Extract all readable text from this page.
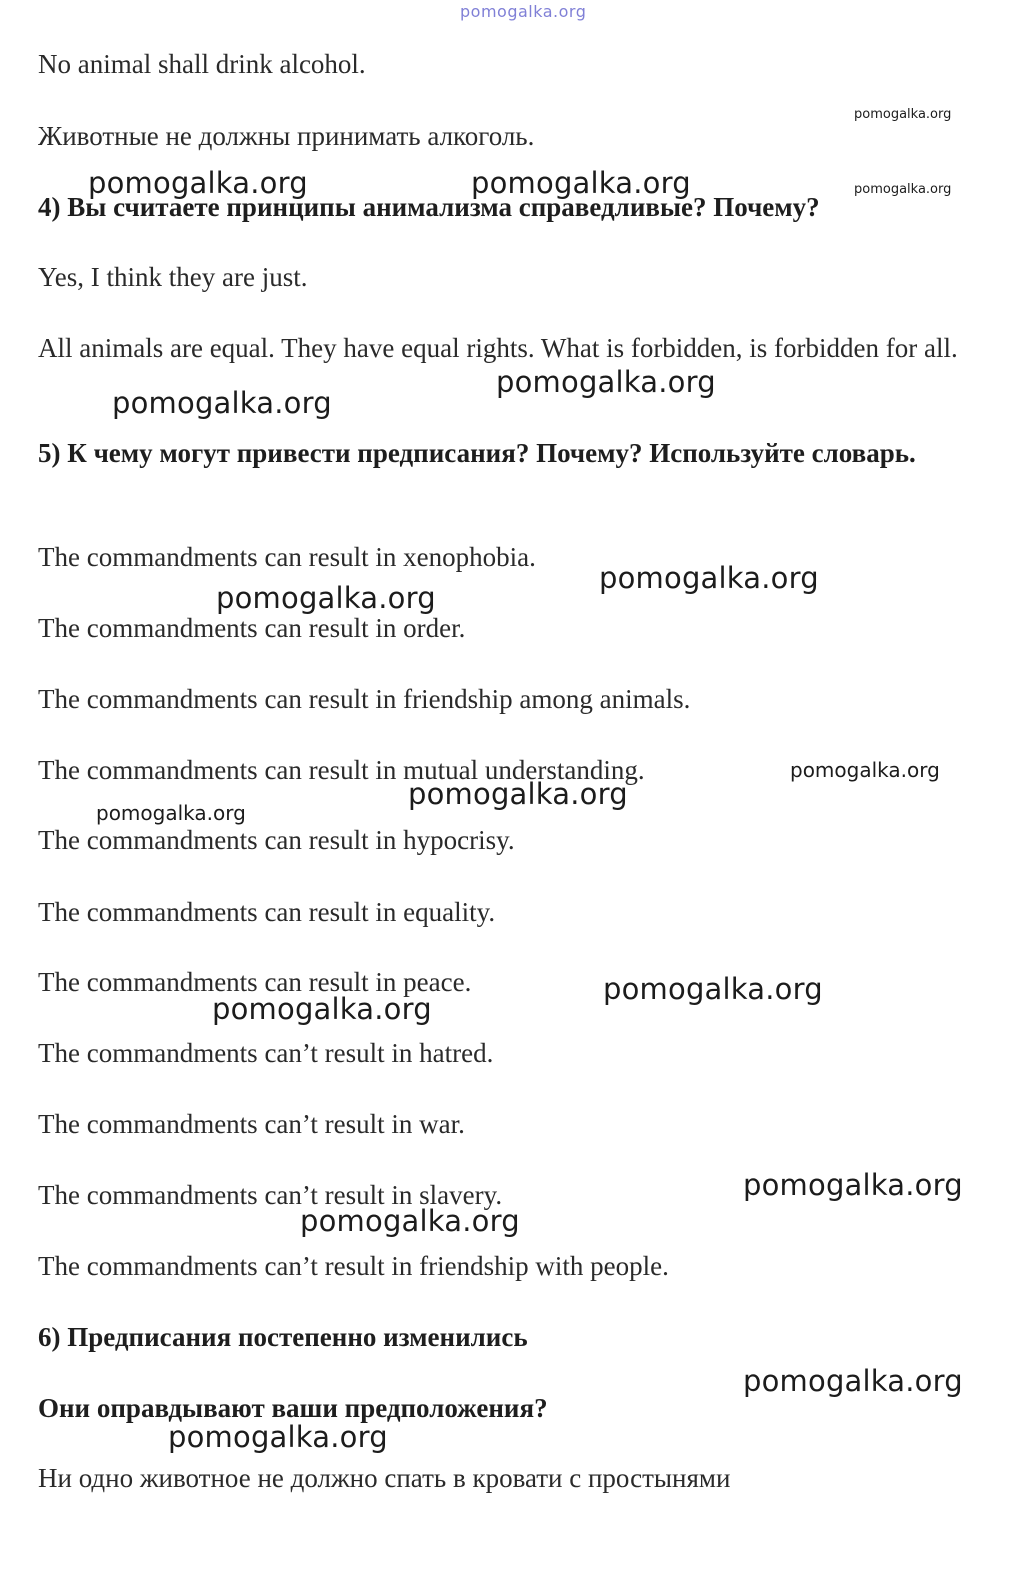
No animal shall drink alcohol.

Животные не должны принимать алкоголь.

4) Вы считаете принципы анимализма справедливые? Почему?

Yes, I think they are just.

All animals are equal. They have equal rights. What is forbidden, is forbidden for all.

5) К чему могут привести предписания? Почему? Используйте словарь.

The commandments can result in xenophobia.

The commandments can result in order.

The commandments can result in friendship among animals.

The commandments can result in mutual understanding.

The commandments can result in hypocrisy.

The commandments can result in equality.

The commandments can result in peace.

The commandments can’t result in hatred.

The commandments can’t result in war.

The commandments can’t result in slavery.

The commandments can’t result in friendship with people.

6) Предписания постепенно изменились

Они оправдывают ваши предположения?

Ни одно животное не должно спать в кровати с простынями

pomogalka.org
pomogalka.org
pomogalka.org
pomogalka.org	pomogalka.org
pomogalka.org
pomogalka.org
pomogalka.org
pomogalka.org
pomogalka.org
pomogalka.org
pomogalka.org
pomogalka.org
pomogalka.org
pomogalka.org
pomogalka.org
pomogalka.org
pomogalka.org
